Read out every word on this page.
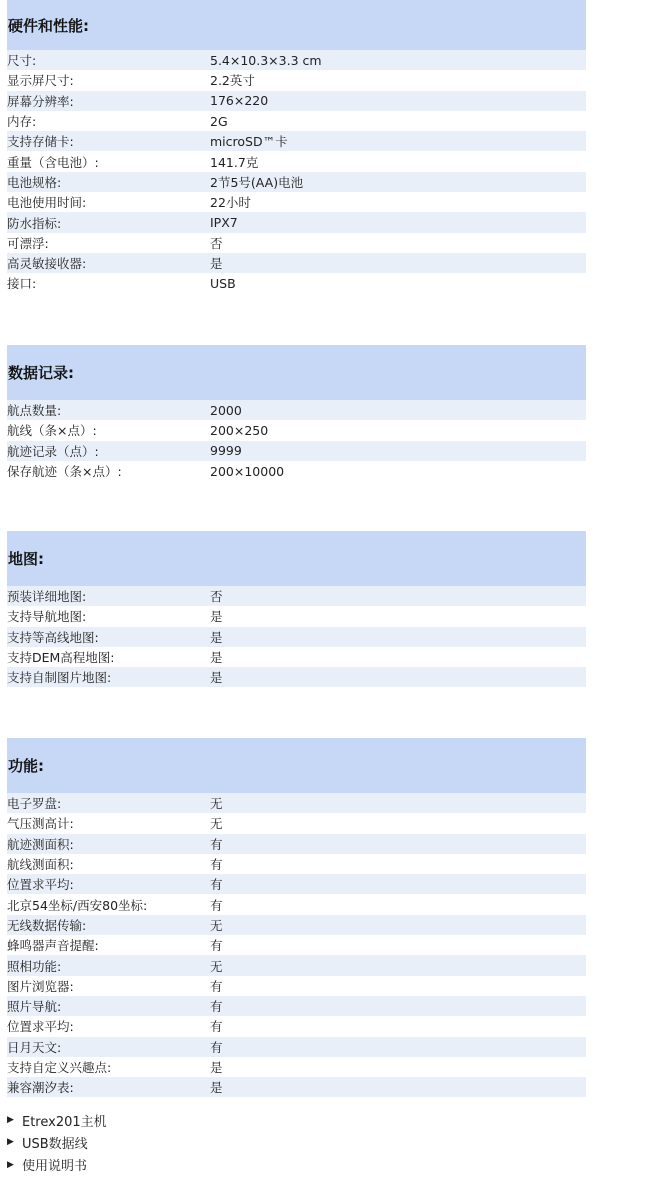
硬件和性能:
尺寸:	5.4×10.3×3.3 cm
显示屏尺寸:	2.2英寸
屏幕分辨率:	176×220
内存:	2G
支持存储卡:	microSD™卡
重量（含电池）:	141.7克
电池规格:	2节5号(AA)电池
电池使用时间:	22小时
防水指标:	IPX7
可漂浮:	否
高灵敏接收器:	是
接口:	USB
数据记录:
航点数量:	2000
航线（条×点）:	200×250
航迹记录（点）:	9999
保存航迹（条×点）:	200×10000
地图:
预装详细地图:	否
支持导航地图:	是
支持等高线地图:	是
支持DEM高程地图:	是
支持自制图片地图:	是
功能:
电子罗盘:	无
气压测高计:	无
航迹测面积:	有
航线测面积:	有
位置求平均:	有
北京54坐标/西安80坐标:	有
无线数据传输:	无
蜂鸣器声音提醒:	有
照相功能:	无
图片浏览器:	有
照片导航:	有
位置求平均:	有
日月天文:	有
支持自定义兴趣点:	是
兼容潮汐表:	是
▶ Etrex201主机
▶ USB数据线
▶ 使用说明书
